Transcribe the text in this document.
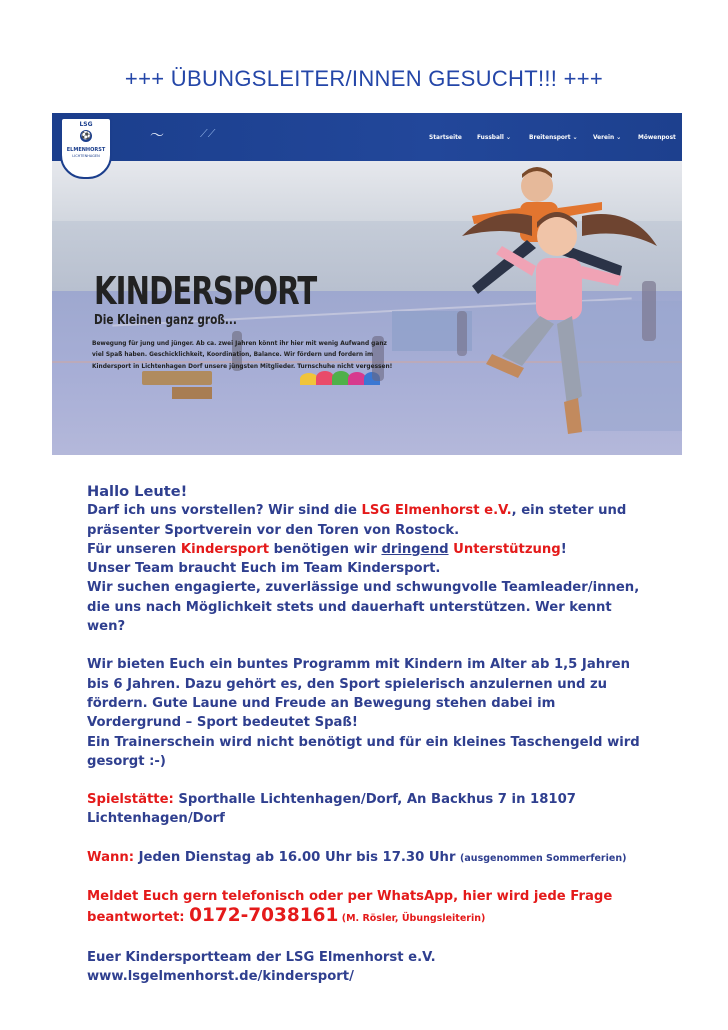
+++ ÜBUNGSLEITER/INNEN GESUCHT!!! +++
〜	⟋⟋	Startseite Fussball ⌄	Breitensport ⌄ Verein ⌄	Möwenpost
LSG
⚽
ELMENHORST
LICHTENHAGEN
KINDERSPORT
Die Kleinen ganz groß...
Bewegung für jung und jünger. Ab ca. zwei Jahren könnt ihr hier mit wenig Aufwand ganz
viel Spaß haben. Geschicklichkeit, Koordination, Balance. Wir fördern und fordern im
Kindersport in Lichtenhagen Dorf unsere jüngsten Mitglieder. Turnschuhe nicht vergessen!

Hallo Leute!

Darf ich uns vorstellen? Wir sind die LSG Elmenhorst e.V., ein steter und präsenter Sportverein vor den Toren von Rostock.

Für unseren Kindersport benötigen wir dringend Unterstützung!

Unser Team braucht Euch im Team Kindersport.

Wir suchen engagierte, zuverlässige und schwungvolle Teamleader/innen, die uns nach Möglichkeit stets und dauerhaft unterstützen. Wer kennt wen?

Wir bieten Euch ein buntes Programm mit Kindern im Alter ab 1,5 Jahren bis 6 Jahren. Dazu gehört es, den Sport spielerisch anzulernen und zu fördern. Gute Laune und Freude an Bewegung stehen dabei im Vordergrund – Sport bedeutet Spaß!

Ein Trainerschein wird nicht benötigt und für ein kleines Taschengeld wird gesorgt :-)

Spielstätte: Sporthalle Lichtenhagen/Dorf, An Backhus 7 in 18107 Lichtenhagen/Dorf

Wann: Jeden Dienstag ab 16.00 Uhr bis 17.30 Uhr (ausgenommen Sommerferien)

Meldet Euch gern telefonisch oder per WhatsApp, hier wird jede Frage beantwortet: 0172-7038161 (M. Rösler, Übungsleiterin)

Euer Kindersportteam der LSG Elmenhorst e.V.

www.lsgelmenhorst.de/kindersport/
